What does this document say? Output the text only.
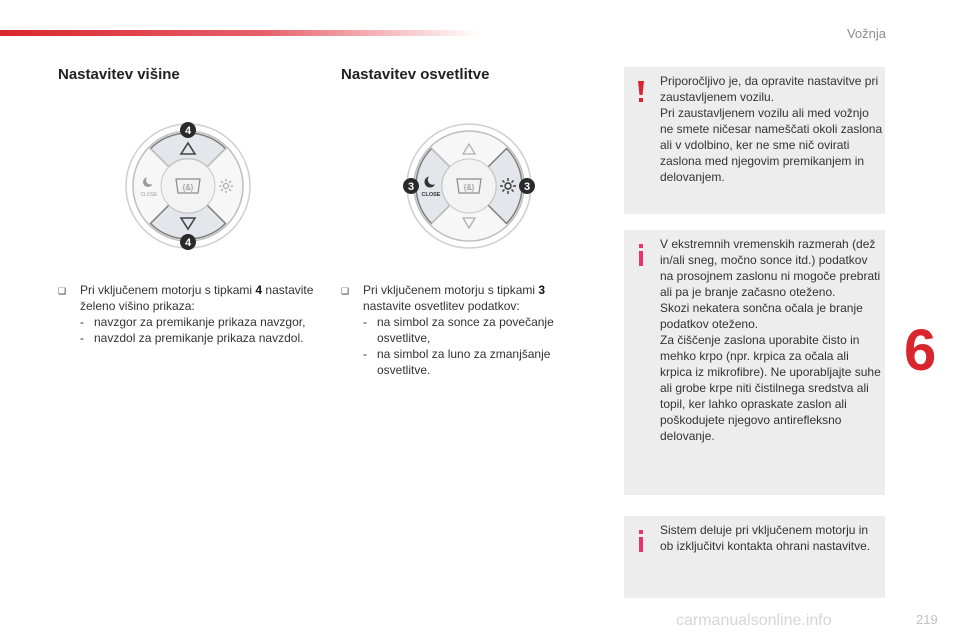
Vožnja
6
219
carmanualsonline.info
Nastavitev višine
CLOSE
{&}
4
4
❑	Pri vključenem motorju s tipkami 4 nastavite želeno višino prikaza:
- navzgor za premikanje prikaza navzgor,
- navzdol za premikanje prikaza navzdol.
Nastavitev osvetlitve
CLOSE
{&}
3	3
❑	Pri vključenem motorju s tipkami 3 nastavite osvetlitev podatkov:
- na simbol za sonce za povečanje osvetlitve,
- na simbol za luno za zmanjšanje osvetlitve.

Priporočljivo je, da opravite nastavitve pri zaustavljenem vozilu.

Pri zaustavljenem vozilu ali med vožnjo ne smete ničesar nameščati okoli zaslona ali v vdolbino, ker ne sme nič ovirati zaslona med njegovim premikanjem in delovanjem.

V ekstremnih vremenskih razmerah (dež in/ali sneg, močno sonce itd.) podatkov na prosojnem zaslonu ni mogoče prebrati ali pa je branje začasno oteženo.

Skozi nekatera sončna očala je branje podatkov oteženo.

Za čiščenje zaslona uporabite čisto in mehko krpo (npr. krpica za očala ali krpica iz mikrofibre). Ne uporabljajte suhe ali grobe krpe niti čistilnega sredstva ali topil, ker lahko opraskate zaslon ali poškodujete njegovo antirefleksno delovanje.

Sistem deluje pri vključenem motorju in ob izključitvi kontakta ohrani nastavitve.
